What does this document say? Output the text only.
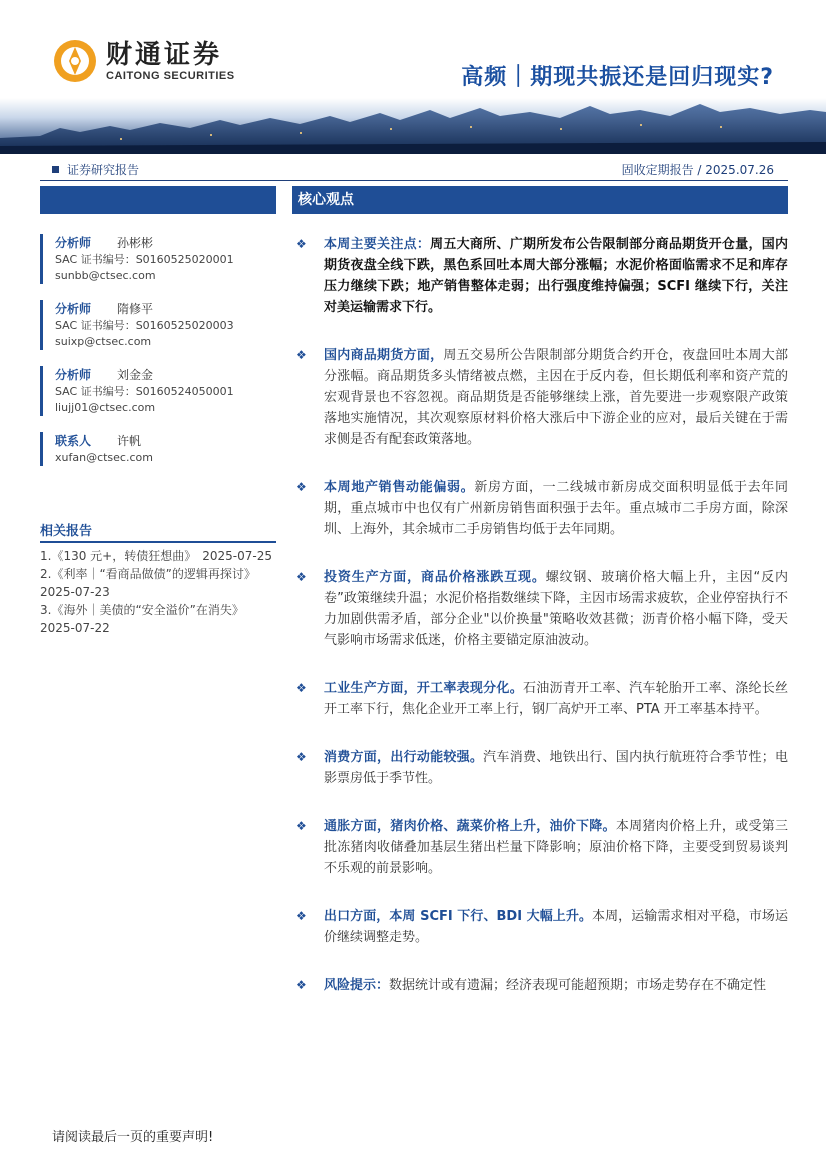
财通证券
CAITONG SECURITIES	高频｜期现共振还是回归现实?
证券研究报告	固收定期报告 / 2025.07.26
核心观点
分析师 孙彬彬
SAC 证书编号：S0160525020001
sunbb@ctsec.com
分析师 隋修平
SAC 证书编号：S0160525020003
suixp@ctsec.com
分析师 刘金金
SAC 证书编号：S0160524050001
liujj01@ctsec.com
联系人 许帆
xufan@ctsec.com
相关报告
1.《130 元+，转债狂想曲》　2025-07-25
2.《利率｜“看商品做债”的逻辑再探讨》2025-07-23
3.《海外｜美债的“安全溢价”在消失》2025-07-22
❖ 本周主要关注点：周五大商所、广期所发布公告限制部分商品期货开仓量，国内期货夜盘全线下跌，黑色系回吐本周大部分涨幅；水泥价格面临需求不足和库存压力继续下跌；地产销售整体走弱；出行强度维持偏强；SCFI 继续下行，关注对美运输需求下行。
❖ 国内商品期货方面，周五交易所公告限制部分期货合约开仓，夜盘回吐本周大部分涨幅。商品期货多头情绪被点燃，主因在于反内卷，但长期低利率和资产荒的宏观背景也不容忽视。商品期货是否能够继续上涨，首先要进一步观察限产政策落地实施情况，其次观察原材料价格大涨后中下游企业的应对，最后关键在于需求侧是否有配套政策落地。
❖ 本周地产销售动能偏弱。新房方面，一二线城市新房成交面积明显低于去年同期，重点城市中也仅有广州新房销售面积强于去年。重点城市二手房方面，除深圳、上海外，其余城市二手房销售均低于去年同期。
❖ 投资生产方面，商品价格涨跌互现。螺纹钢、玻璃价格大幅上升，主因“反内卷”政策继续升温；水泥价格指数继续下降，主因市场需求疲软，企业停窑执行不力加剧供需矛盾，部分企业"以价换量"策略收效甚微；沥青价格小幅下降，受天气影响市场需求低迷，价格主要锚定原油波动。
❖ 工业生产方面，开工率表现分化。石油沥青开工率、汽车轮胎开工率、涤纶长丝开工率下行，焦化企业开工率上行，钢厂高炉开工率、PTA 开工率基本持平。
❖ 消费方面，出行动能较强。汽车消费、地铁出行、国内执行航班符合季节性；电影票房低于季节性。
❖ 通胀方面，猪肉价格、蔬菜价格上升，油价下降。本周猪肉价格上升，或受第三批冻猪肉收储叠加基层生猪出栏量下降影响；原油价格下降，主要受到贸易谈判不乐观的前景影响。
❖ 出口方面，本周 SCFI 下行、BDI 大幅上升。本周，运输需求相对平稳，市场运价继续调整走势。
❖ 风险提示：数据统计或有遗漏；经济表现可能超预期；市场走势存在不确定性
请阅读最后一页的重要声明!
